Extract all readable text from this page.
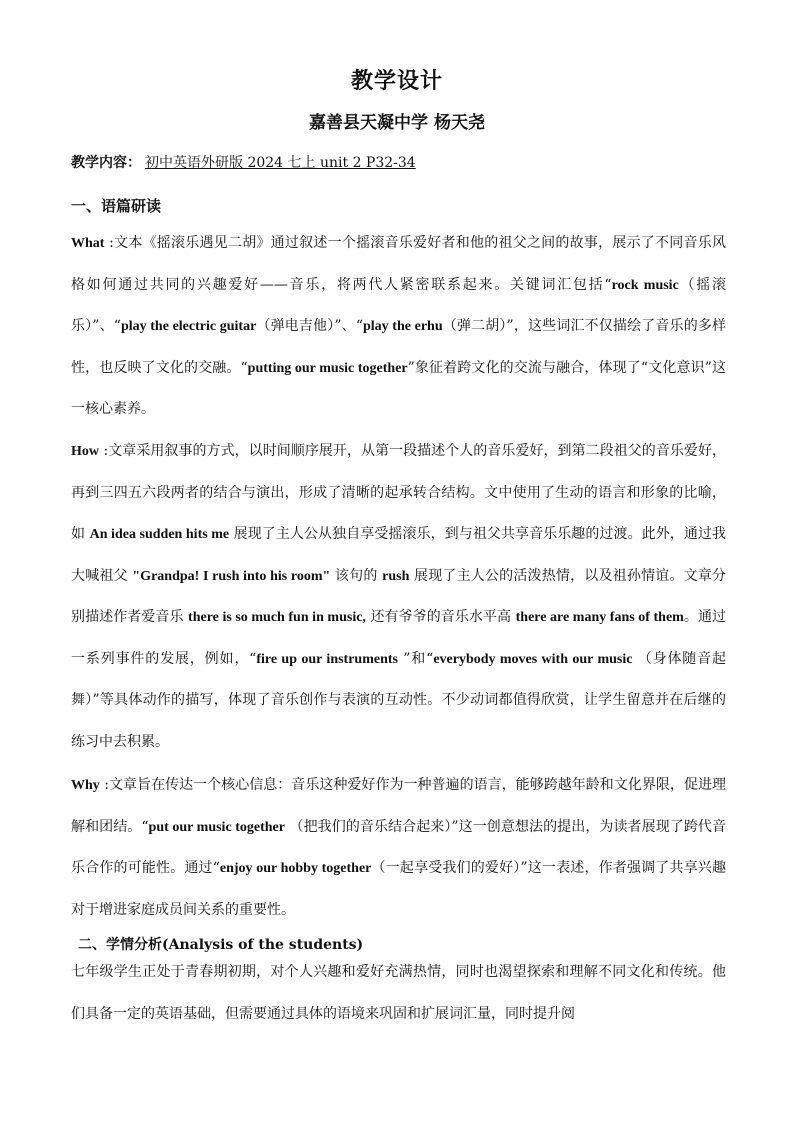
教学设计
嘉善县天凝中学 杨天尧
教学内容： 初中英语外研版 2024 七上 unit 2 P32-34
一、语篇研读

What :文本《摇滚乐遇见二胡》通过叙述一个摇滚音乐爱好者和他的祖父之间的故事，展示了不同音乐风格如何通过共同的兴趣爱好——音乐，将两代人紧密联系起来。关键词汇包括“rock music（摇滚乐）”、“play the electric guitar（弹电吉他）”、“play the erhu（弹二胡）”，这些词汇不仅描绘了音乐的多样性，也反映了文化的交融。“putting our music together”象征着跨文化的交流与融合，体现了“文化意识”这一核心素养。

How :文章采用叙事的方式，以时间顺序展开，从第一段描述个人的音乐爱好，到第二段祖父的音乐爱好，再到三四五六段两者的结合与演出，形成了清晰的起承转合结构。文中使用了生动的语言和形象的比喻，如 An idea sudden hits me 展现了主人公从独自享受摇滚乐，到与祖父共享音乐乐趣的过渡。此外，通过我大喊祖父 "Grandpa! I rush into his room" 该句的 rush 展现了主人公的活泼热情，以及祖孙情谊。文章分别描述作者爱音乐 there is so much fun in music, 还有爷爷的音乐水平高 there are many fans of them。通过一系列事件的发展，例如，“fire up our instruments ”和“everybody moves with our music （身体随音起舞）”等具体动作的描写，体现了音乐创作与表演的互动性。不少动词都值得欣赏，让学生留意并在后继的练习中去积累。

Why :文章旨在传达一个核心信息：音乐这种爱好作为一种普遍的语言，能够跨越年龄和文化界限，促进理解和团结。“put our music together （把我们的音乐结合起来）”这一创意想法的提出，为读者展现了跨代音乐合作的可能性。通过“enjoy our hobby together（一起享受我们的爱好）”这一表述，作者强调了共享兴趣对于增进家庭成员间关系的重要性。

二、学情分析(Analysis of the students)

七年级学生正处于青春期初期，对个人兴趣和爱好充满热情，同时也渴望探索和理解不同文化和传统。他们具备一定的英语基础，但需要通过具体的语境来巩固和扩展词汇量，同时提升阅
